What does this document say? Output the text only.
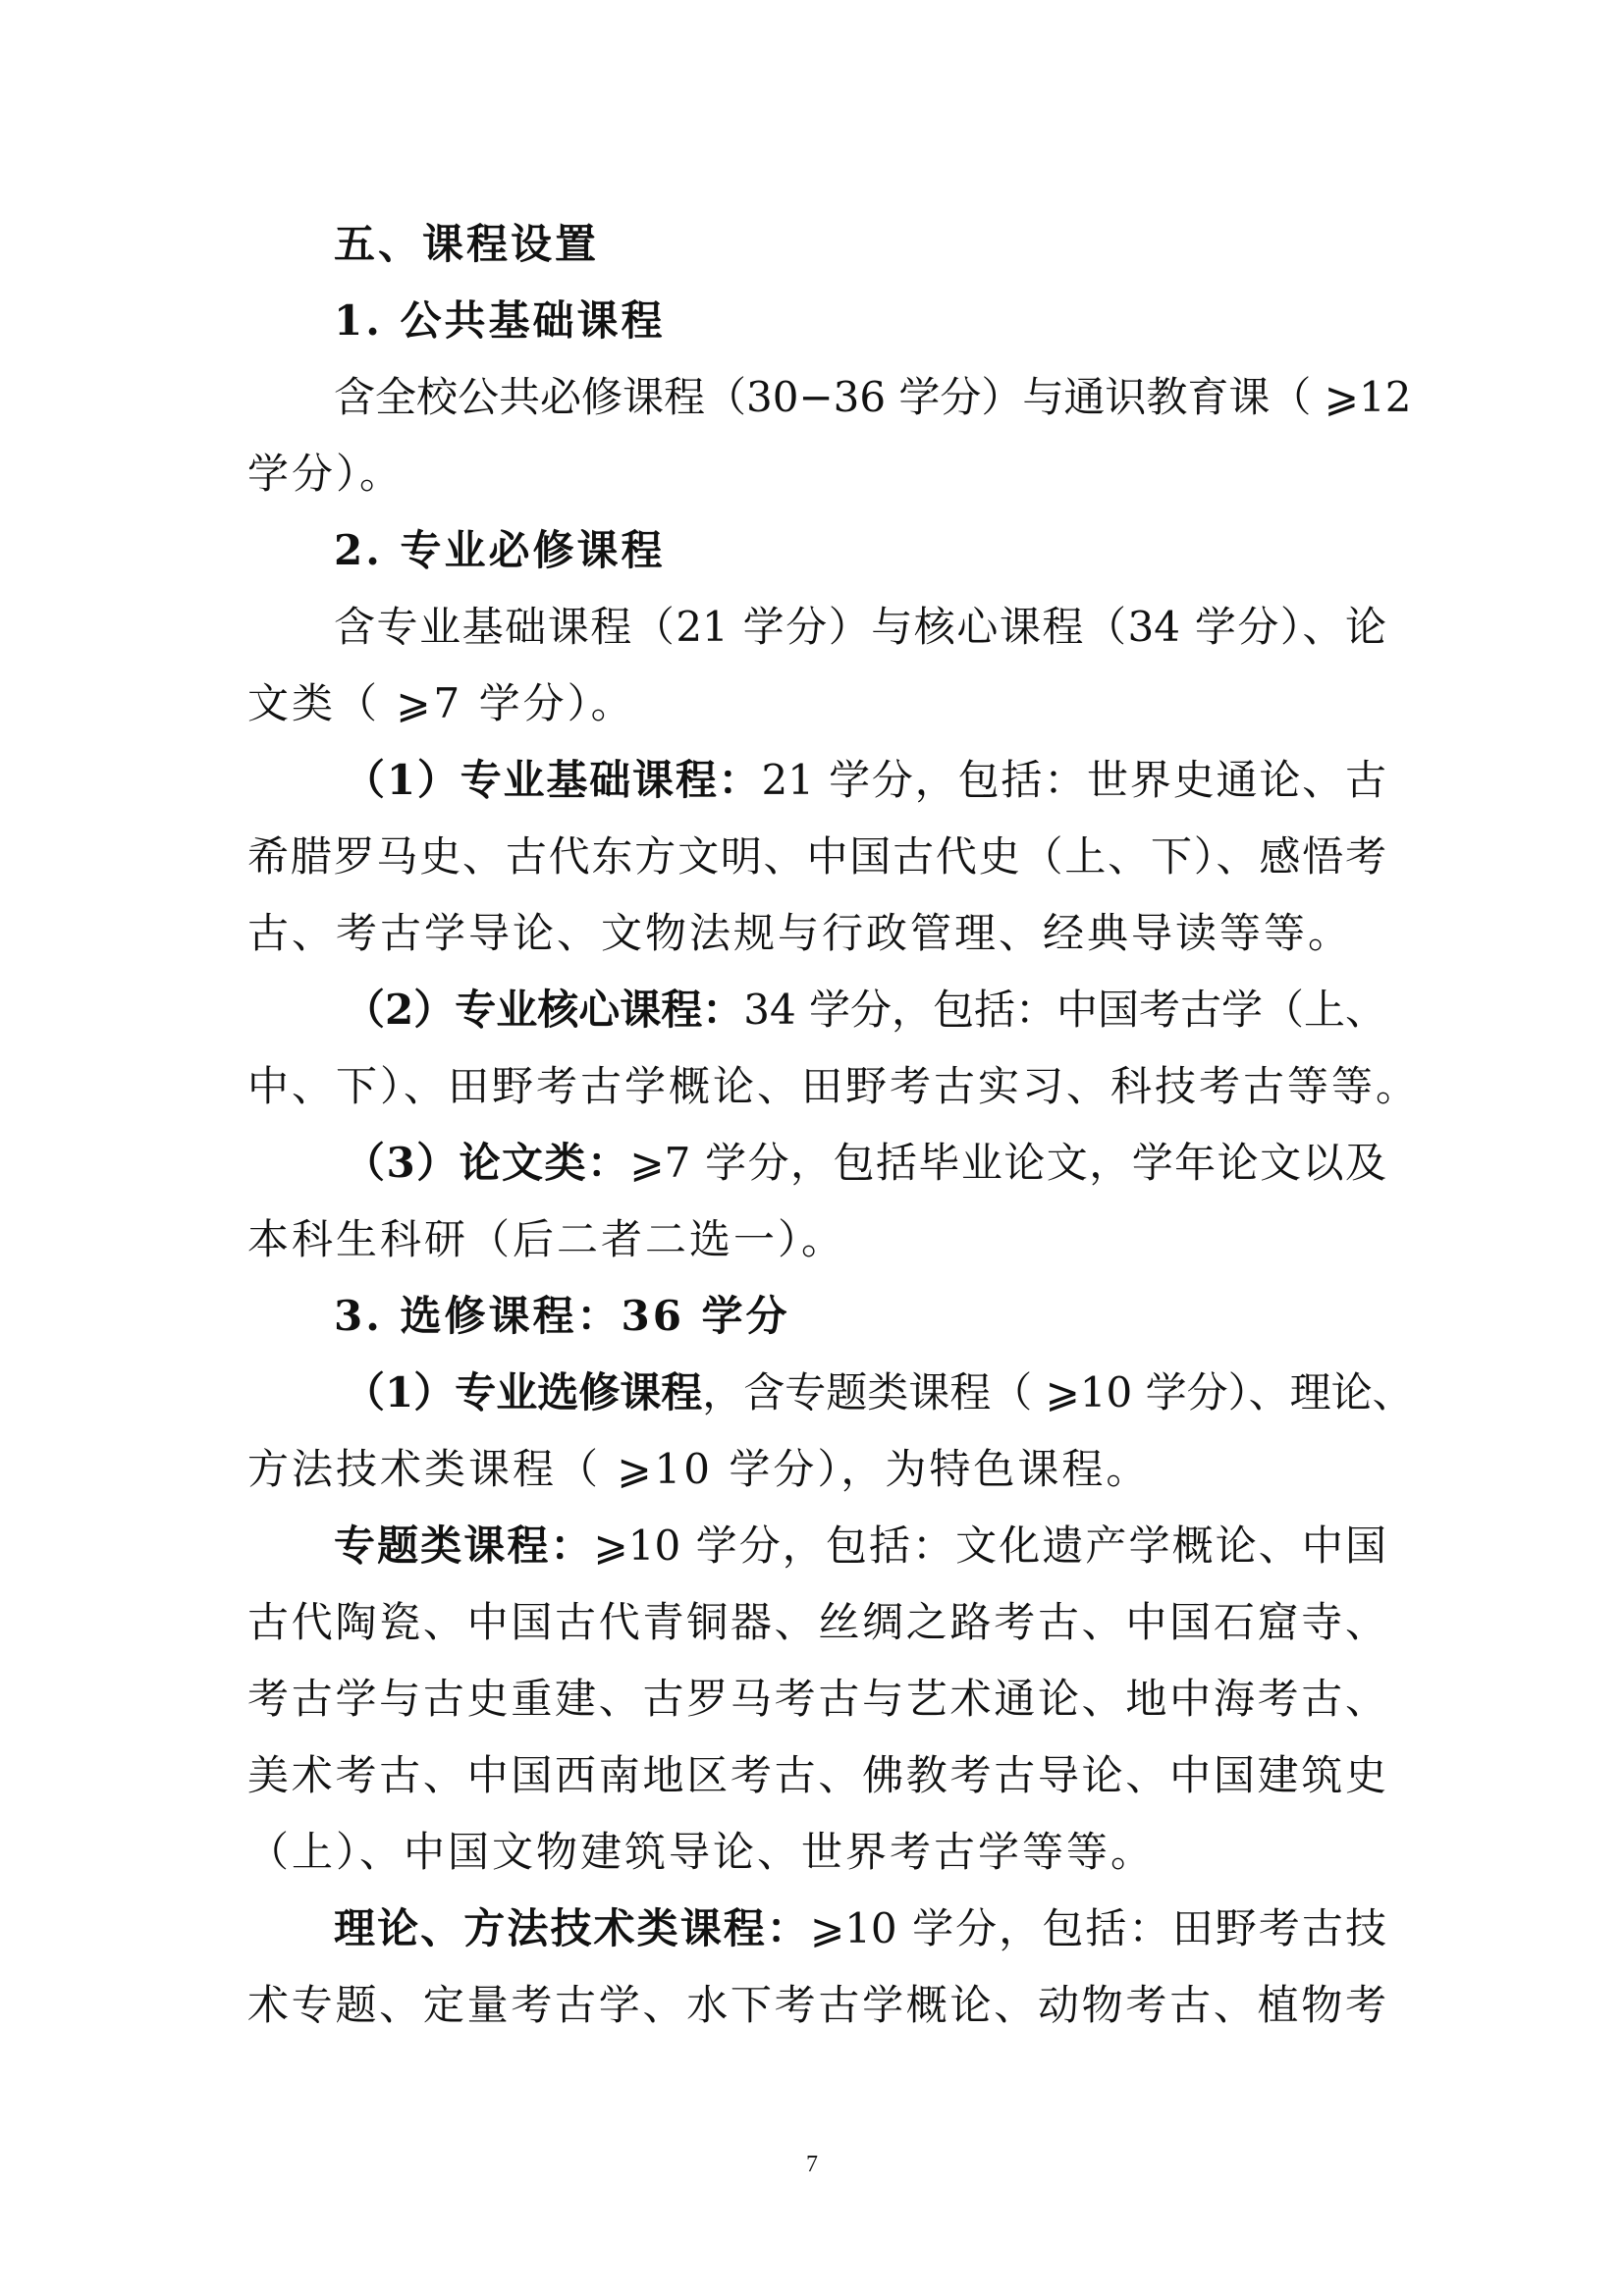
五、课程设置
1. 公共基础课程
含全校公共必修课程（30−36 学分）与通识教育课（ ⩾12
学分）。
2. 专业必修课程
含专业基础课程（21 学分）与核心课程（34 学分）、论
文类（ ⩾7 学分）。
（1）专业基础课程：21 学分，包括：世界史通论、古
希腊罗马史、古代东方文明、中国古代史（上、下）、感悟考
古、考古学导论、文物法规与行政管理、经典导读等等。
（2）专业核心课程：34 学分，包括：中国考古学（上、
中、下）、田野考古学概论、田野考古实习、科技考古等等。
（3）论文类：⩾7 学分，包括毕业论文，学年论文以及
本科生科研（后二者二选一）。
3. 选修课程：36 学分
（1）专业选修课程，含专题类课程（ ⩾10 学分）、理论、
方法技术类课程（ ⩾10 学分），为特色课程。
专题类课程：⩾10 学分，包括：文化遗产学概论、中国
古代陶瓷、中国古代青铜器、丝绸之路考古、中国石窟寺、
考古学与古史重建、古罗马考古与艺术通论、地中海考古、
美术考古、中国西南地区考古、佛教考古导论、中国建筑史
（上）、中国文物建筑导论、世界考古学等等。
理论、方法技术类课程：⩾10 学分，包括：田野考古技
术专题、定量考古学、水下考古学概论、动物考古、植物考
7
